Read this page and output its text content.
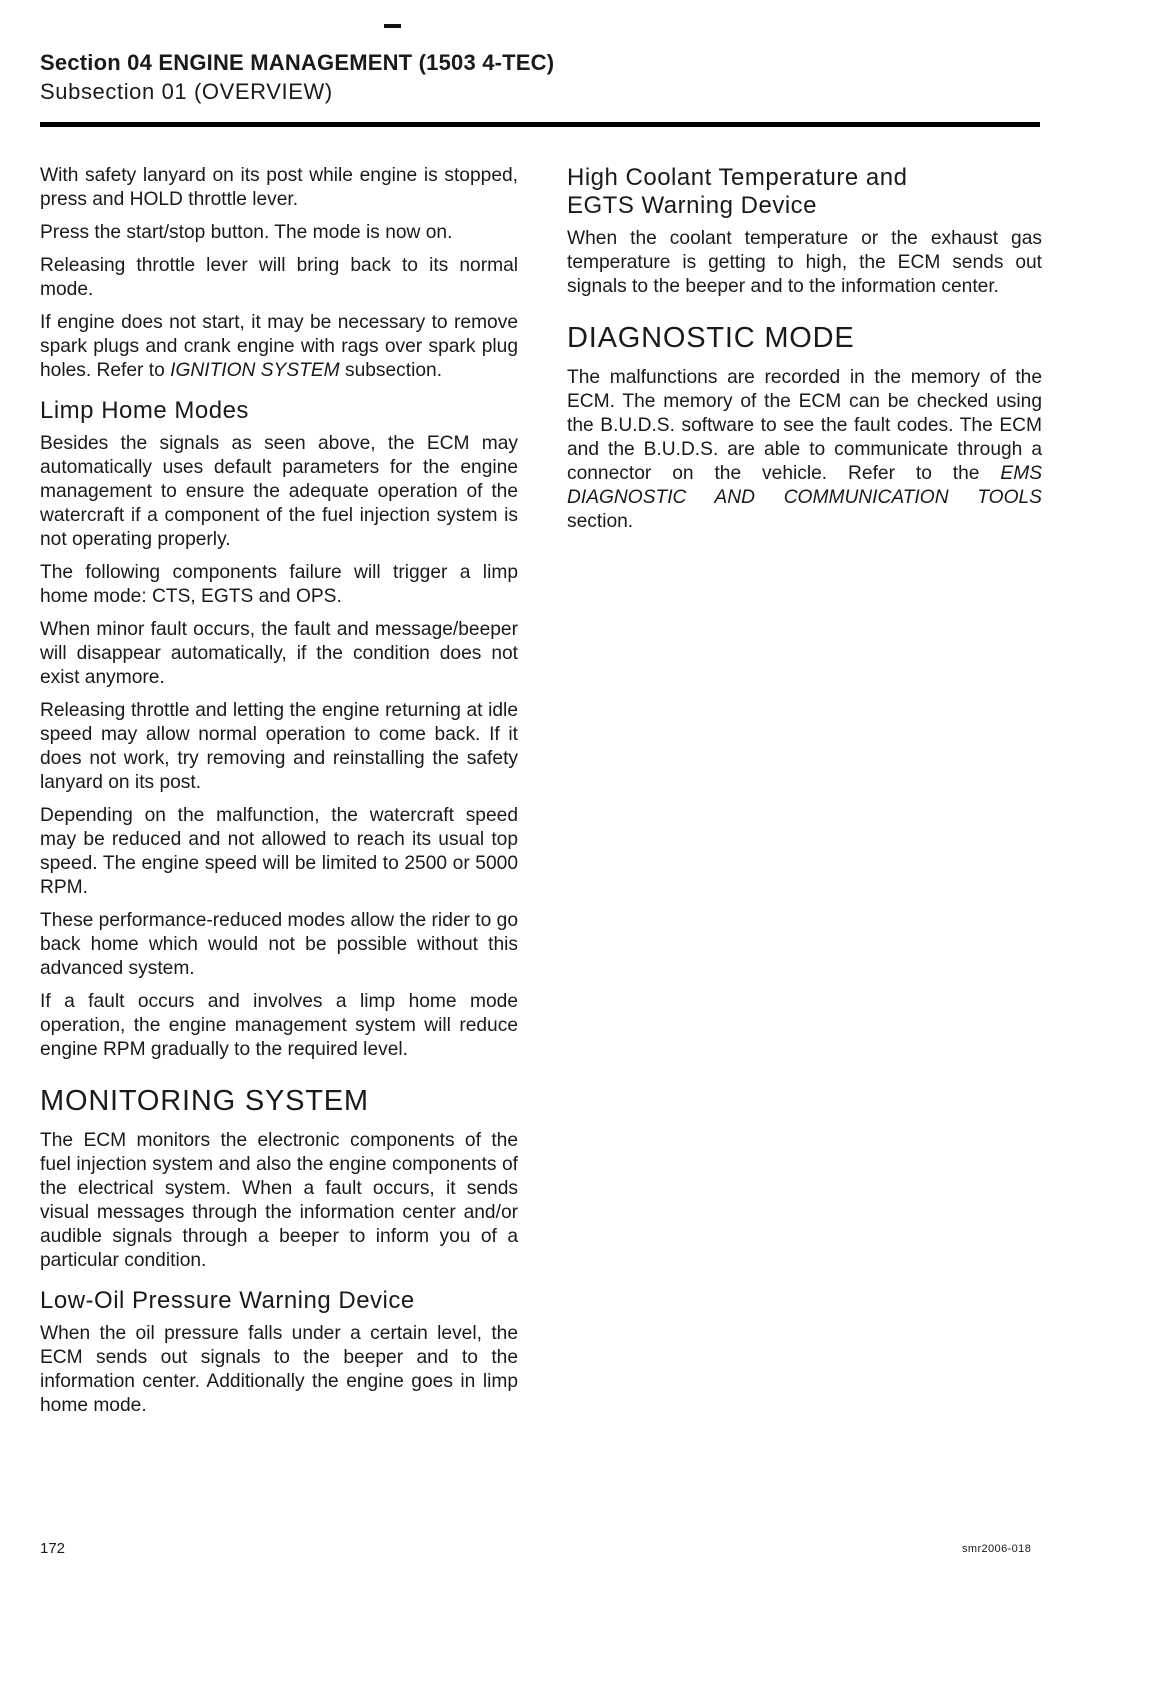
Section 04 ENGINE MANAGEMENT (1503 4-TEC)
Subsection 01 (OVERVIEW)

With safety lanyard on its post while engine is stopped, press and HOLD throttle lever.

Press the start/stop button. The mode is now on.

Releasing throttle lever will bring back to its normal mode.

If engine does not start, it may be necessary to remove spark plugs and crank engine with rags over spark plug holes. Refer to IGNITION SYSTEM subsection.

Limp Home Modes

Besides the signals as seen above, the ECM may automatically uses default parameters for the engine management to ensure the adequate operation of the watercraft if a component of the fuel injection system is not operating properly.

The following components failure will trigger a limp home mode: CTS, EGTS and OPS.

When minor fault occurs, the fault and message/beeper will disappear automatically, if the condition does not exist anymore.

Releasing throttle and letting the engine returning at idle speed may allow normal operation to come back. If it does not work, try removing and reinstalling the safety lanyard on its post.

Depending on the malfunction, the watercraft speed may be reduced and not allowed to reach its usual top speed. The engine speed will be limited to 2500 or 5000 RPM.

These performance-reduced modes allow the rider to go back home which would not be possible without this advanced system.

If a fault occurs and involves a limp home mode operation, the engine management system will reduce engine RPM gradually to the required level.

MONITORING SYSTEM

The ECM monitors the electronic components of the fuel injection system and also the engine components of the electrical system. When a fault occurs, it sends visual messages through the information center and/or audible signals through a beeper to inform you of a particular condition.

Low-Oil Pressure Warning Device

When the oil pressure falls under a certain level, the ECM sends out signals to the beeper and to the information center. Additionally the engine goes in limp home mode.

High Coolant Temperature and
EGTS Warning Device

When the coolant temperature or the exhaust gas temperature is getting to high, the ECM sends out signals to the beeper and to the information center.

DIAGNOSTIC MODE

The malfunctions are recorded in the memory of the ECM. The memory of the ECM can be checked using the B.U.D.S. software to see the fault codes. The ECM and the B.U.D.S. are able to communicate through a connector on the vehicle. Refer to the EMS DIAGNOSTIC AND COMMUNICATION TOOLS section.

172	smr2006-018
